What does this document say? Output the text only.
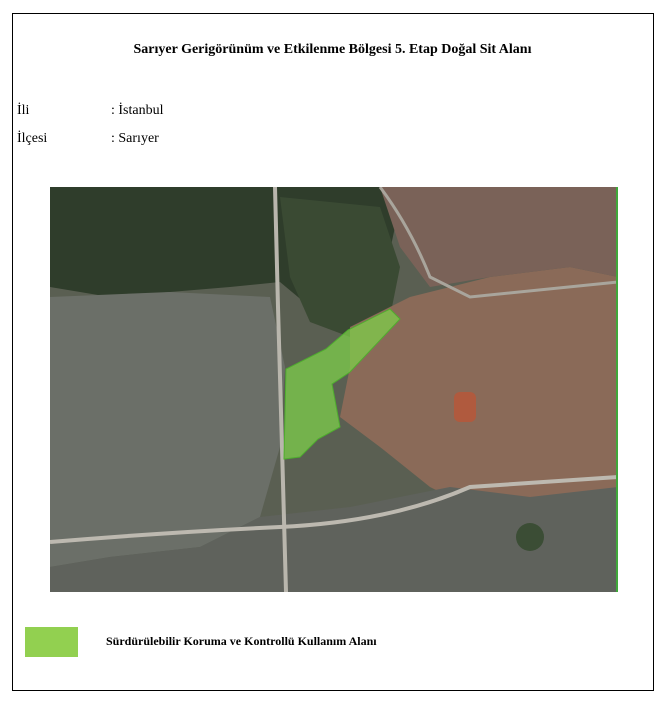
Sarıyer Gerigörünüm ve Etkilenme Bölgesi 5. Etap Doğal Sit Alanı
İli	: İstanbul
İlçesi	: Sarıyer
Sürdürülebilir Koruma ve Kontrollü Kullanım Alanı
